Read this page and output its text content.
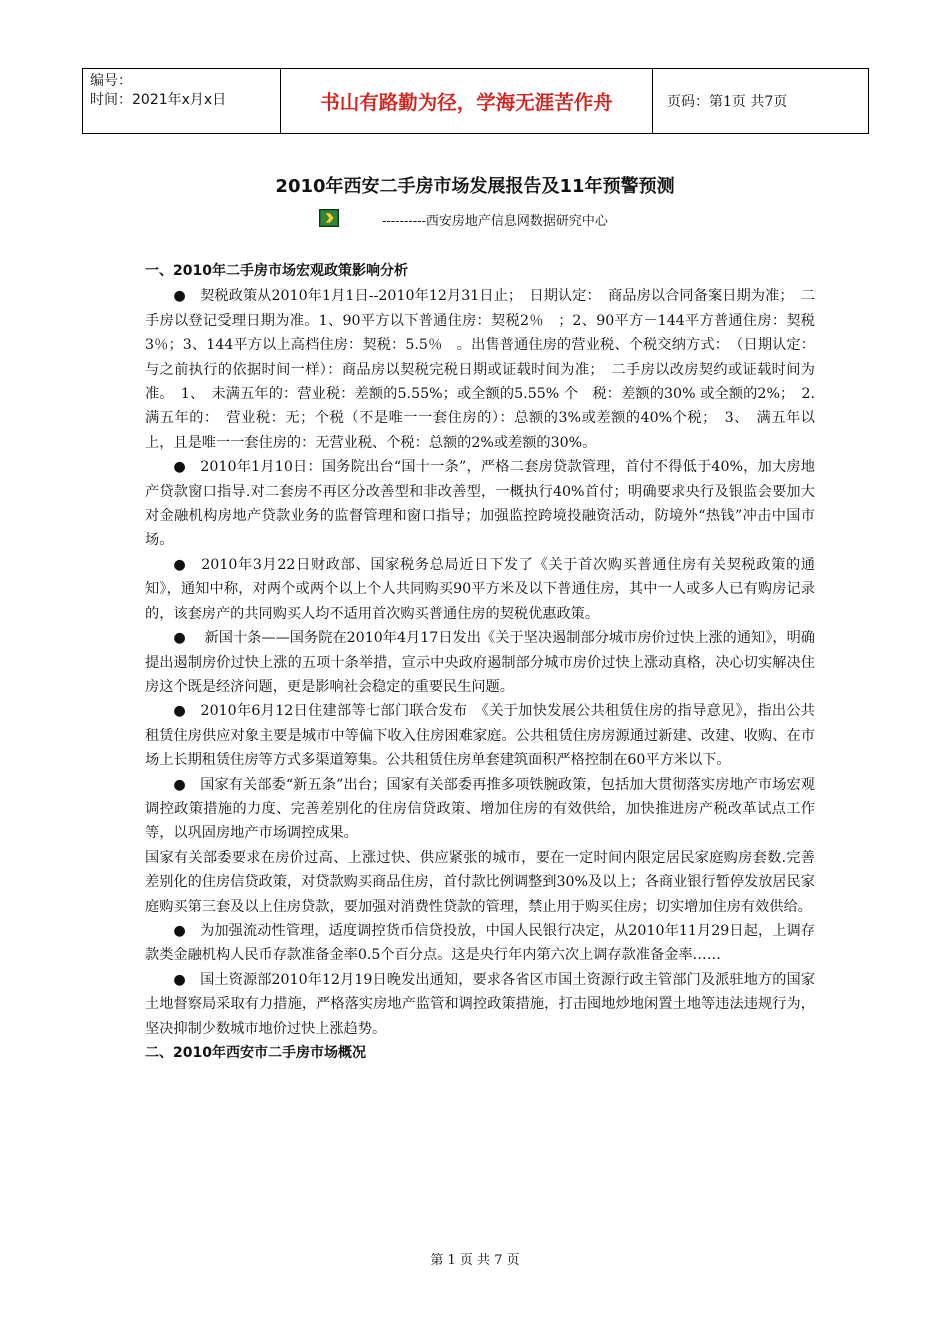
编号：
时间：2021年x月x日	书山有路勤为径，学海无涯苦作舟	页码：第1页 共7页
2010年西安二手房市场发展报告及11年预警预测
----------西安房地产信息网数据研究中心

一、2010年二手房市场宏观政策影响分析

●　契税政策从2010年1月1日--2010年12月31日止；　日期认定：　商品房以合同备案日期为准；　二手房以登记受理日期为准。1、90平方以下普通住房：契税2％　；2、90平方－144平方普通住房：契税3％；3、144平方以上高档住房：契税：5.5％　。出售普通住房的营业税、个税交纳方式：　（日期认定：与之前执行的依据时间一样）：商品房以契税完税日期或证载时间为准；　二手房以改房契约或证载时间为准。　1、　未满五年的：营业税：差额的5.55%；或全额的5.55% 个　税：差额的30% 或全额的2%；　2. 满五年的：　营业税：无；个税（不是唯一一套住房的）：总额的3%或差额的40%个税；　3、　满五年以上，且是唯一一套住房的：无营业税、个税：总额的2%或差额的30%。

●　2010年1月10日：国务院出台“国十一条”，严格二套房贷款管理，首付不得低于40%，加大房地产贷款窗口指导.对二套房不再区分改善型和非改善型，一概执行40%首付；明确要求央行及银监会要加大对金融机构房地产贷款业务的监督管理和窗口指导；加强监控跨境投融资活动，防境外“热钱”冲击中国市场。

●　2010年3月22日财政部、国家税务总局近日下发了《关于首次购买普通住房有关契税政策的通知》，通知中称，对两个或两个以上个人共同购买90平方米及以下普通住房，其中一人或多人已有购房记录的，该套房产的共同购买人均不适用首次购买普通住房的契税优惠政策。

●　 新国十条——国务院在2010年4月17日发出《关于坚决遏制部分城市房价过快上涨的通知》，明确提出遏制房价过快上涨的五项十条举措，宣示中央政府遏制部分城市房价过快上涨动真格，决心切实解决住房这个既是经济问题，更是影响社会稳定的重要民生问题。

●　2010年6月12日住建部等七部门联合发布　《关于加快发展公共租赁住房的指导意见》，指出公共租赁住房供应对象主要是城市中等偏下收入住房困难家庭。公共租赁住房房源通过新建、改建、收购、在市场上长期租赁住房等方式多渠道筹集。公共租赁住房单套建筑面积严格控制在60平方米以下。

●　国家有关部委“新五条”出台；国家有关部委再推多项铁腕政策，包括加大贯彻落实房地产市场宏观调控政策措施的力度、完善差别化的住房信贷政策、增加住房的有效供给，加快推进房产税改革试点工作等，以巩固房地产市场调控成果。

国家有关部委要求在房价过高、上涨过快、供应紧张的城市，要在一定时间内限定居民家庭购房套数.完善差别化的住房信贷政策，对贷款购买商品住房，首付款比例调整到30%及以上；各商业银行暂停发放居民家庭购买第三套及以上住房贷款，要加强对消费性贷款的管理，禁止用于购买住房；切实增加住房有效供给。

●　为加强流动性管理，适度调控货币信贷投放，中国人民银行决定，从2010年11月29日起，上调存款类金融机构人民币存款准备金率0.5个百分点。这是央行年内第六次上调存款准备金率……

●　国土资源部2010年12月19日晚发出通知，要求各省区市国土资源行政主管部门及派驻地方的国家土地督察局采取有力措施，严格落实房地产监管和调控政策措施，打击囤地炒地闲置土地等违法违规行为，坚决抑制少数城市地价过快上涨趋势。

二、2010年西安市二手房市场概况

第 1 页 共 7 页
